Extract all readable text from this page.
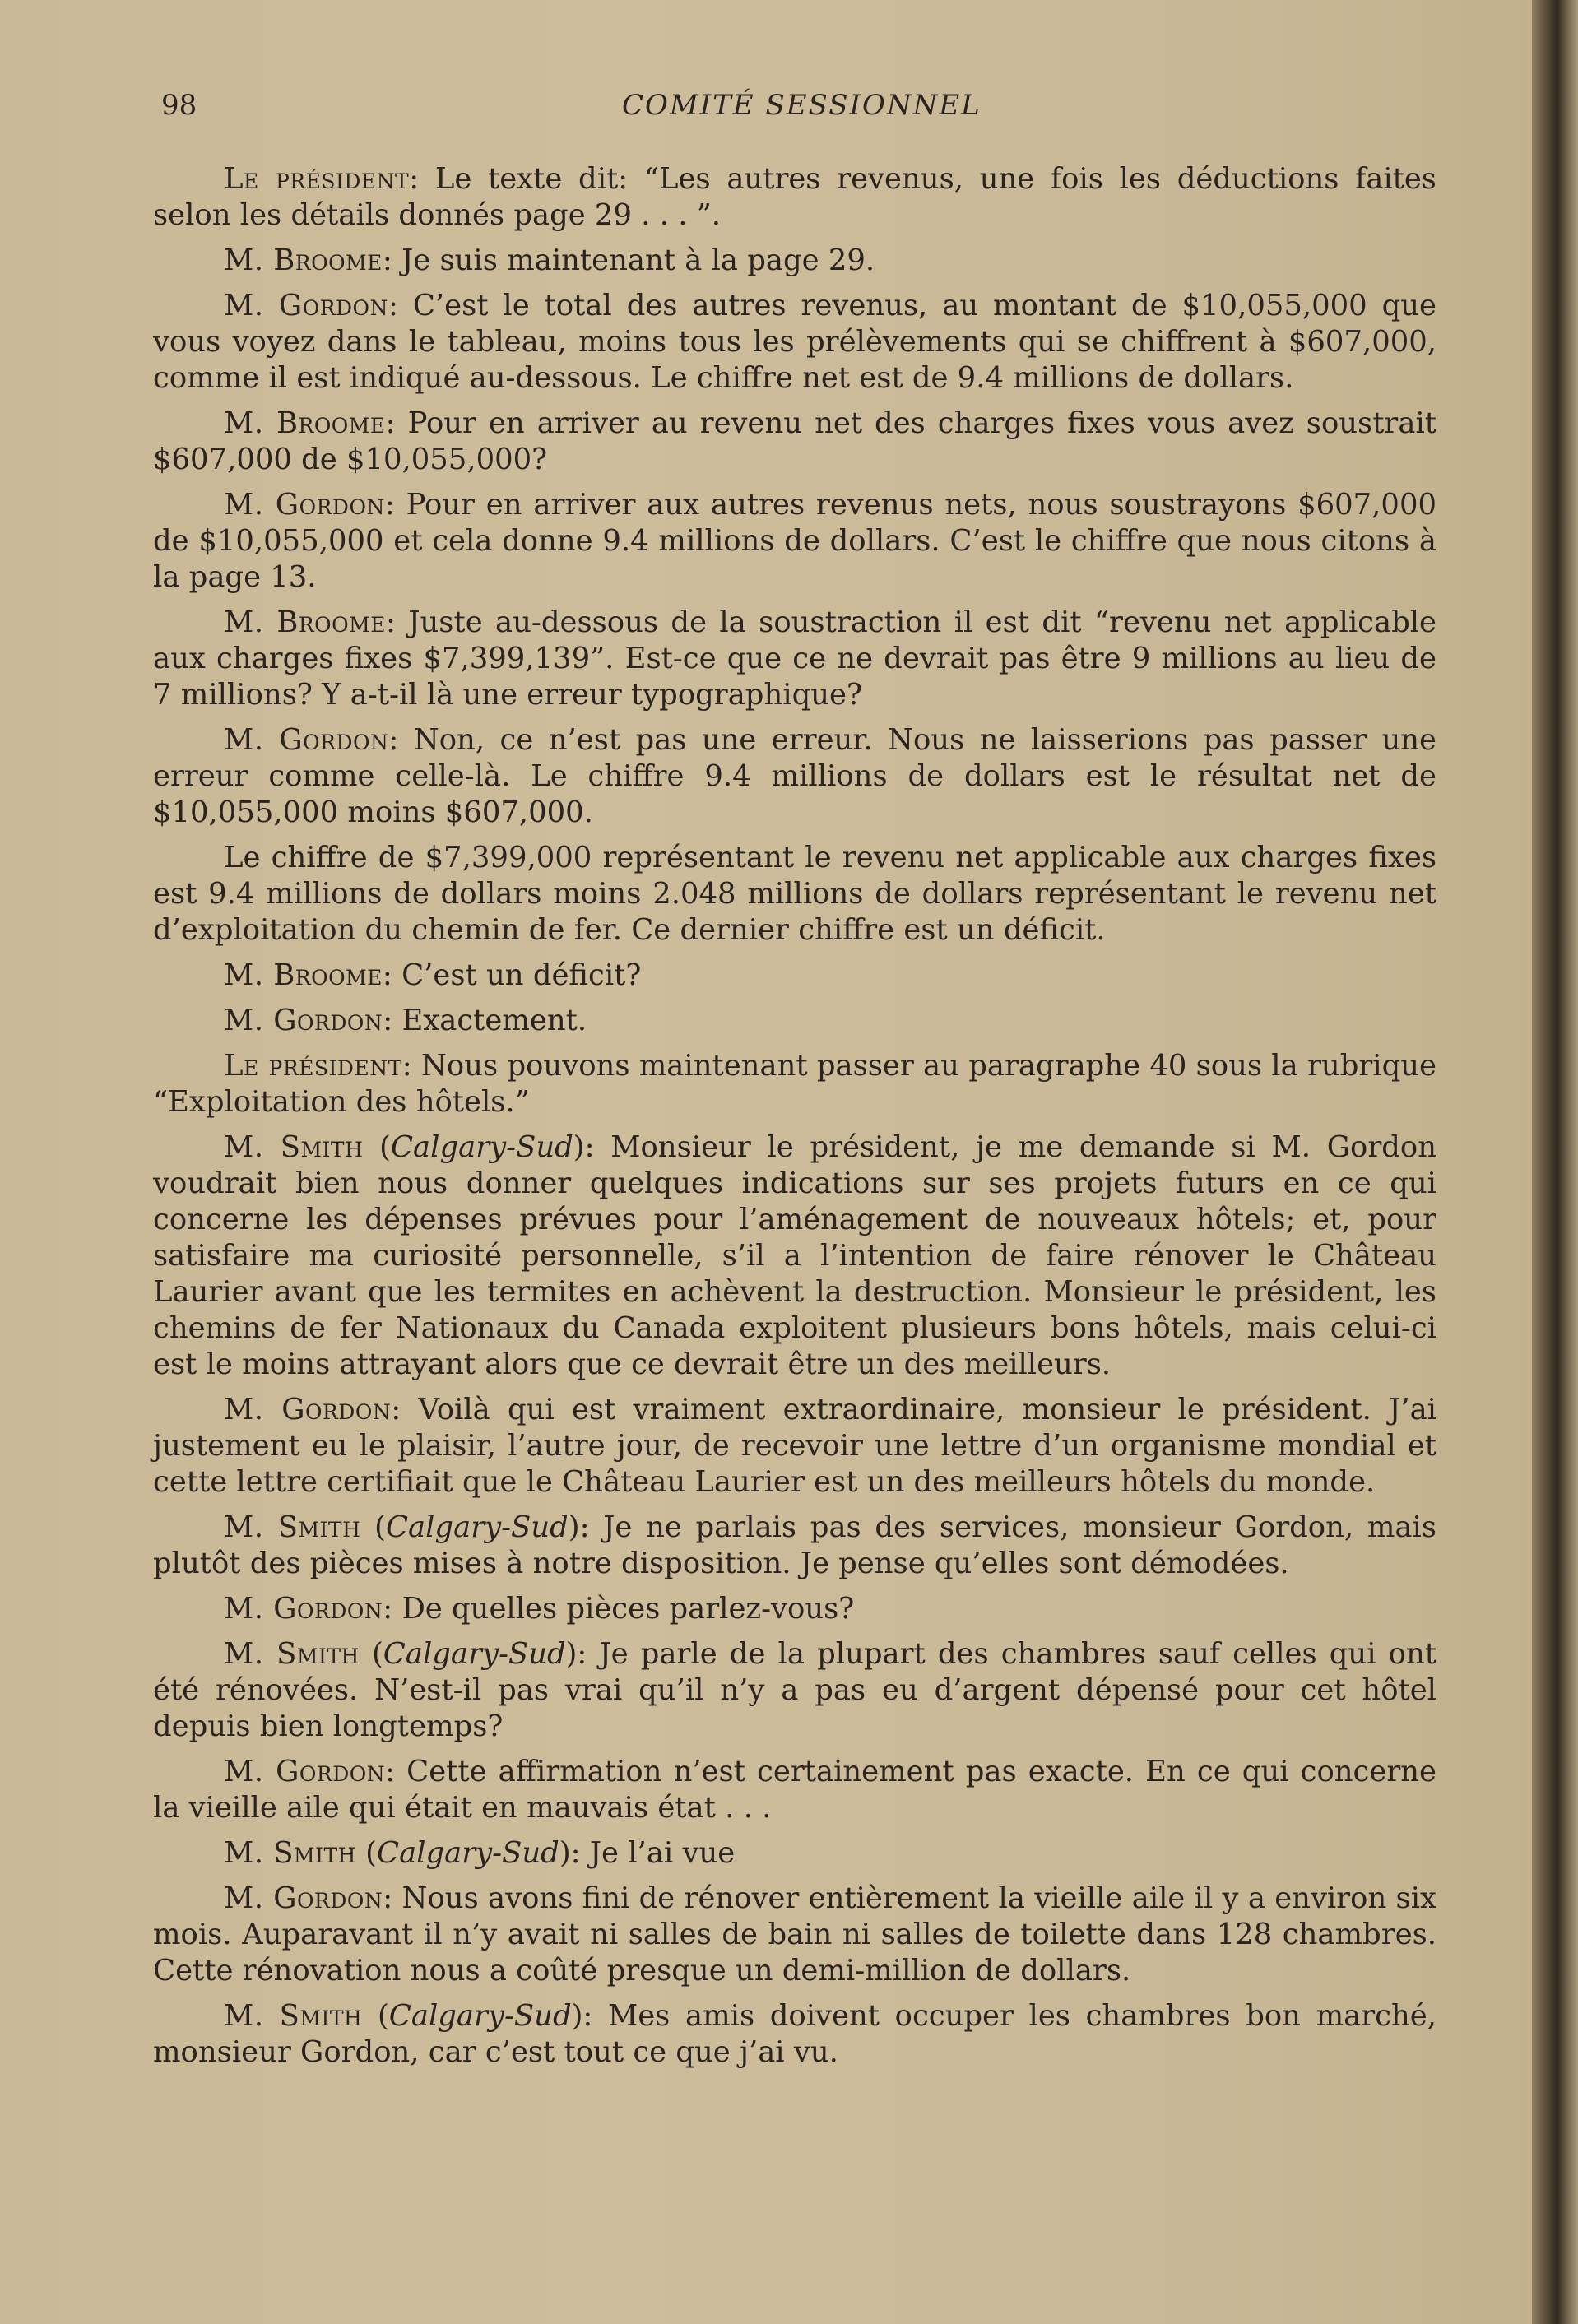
98	COMITÉ SESSIONNEL

Le président: Le texte dit: “Les autres revenus, une fois les déductions faites selon les détails donnés page 29 . . . ”.

M. Broome: Je suis maintenant à la page 29.

M. Gordon: C’est le total des autres revenus, au montant de $10,055,000 que vous voyez dans le tableau, moins tous les prélèvements qui se chiffrent à $607,000, comme il est indiqué au-dessous. Le chiffre net est de 9.4 millions de dollars.

M. Broome: Pour en arriver au revenu net des charges fixes vous avez soustrait $607,000 de $10,055,000?

M. Gordon: Pour en arriver aux autres revenus nets, nous soustrayons $607,000 de $10,055,000 et cela donne 9.4 millions de dollars. C’est le chiffre que nous citons à la page 13.

M. Broome: Juste au-dessous de la soustraction il est dit “revenu net applicable aux charges fixes $7,399,139”. Est-ce que ce ne devrait pas être 9 millions au lieu de 7 millions? Y a-t-il là une erreur typographique?

M. Gordon: Non, ce n’est pas une erreur. Nous ne laisserions pas passer une erreur comme celle-là. Le chiffre 9.4 millions de dollars est le résultat net de $10,055,000 moins $607,000.

Le chiffre de $7,399,000 représentant le revenu net applicable aux charges fixes est 9.4 millions de dollars moins 2.048 millions de dollars représentant le revenu net d’exploitation du chemin de fer. Ce dernier chiffre est un déficit.

M. Broome: C’est un déficit?

M. Gordon: Exactement.

Le président: Nous pouvons maintenant passer au paragraphe 40 sous la rubrique “Exploitation des hôtels.”

M. Smith (Calgary-Sud): Monsieur le président, je me demande si M. Gordon voudrait bien nous donner quelques indications sur ses projets futurs en ce qui concerne les dépenses prévues pour l’aménagement de nouveaux hôtels; et, pour satisfaire ma curiosité personnelle, s’il a l’intention de faire rénover le Château Laurier avant que les termites en achèvent la destruction. Monsieur le président, les chemins de fer Nationaux du Canada exploitent plusieurs bons hôtels, mais celui-ci est le moins attrayant alors que ce devrait être un des meilleurs.

M. Gordon: Voilà qui est vraiment extraordinaire, monsieur le président. J’ai justement eu le plaisir, l’autre jour, de recevoir une lettre d’un organisme mondial et cette lettre certifiait que le Château Laurier est un des meilleurs hôtels du monde.

M. Smith (Calgary-Sud): Je ne parlais pas des services, monsieur Gordon, mais plutôt des pièces mises à notre disposition. Je pense qu’elles sont démodées.

M. Gordon: De quelles pièces parlez-vous?

M. Smith (Calgary-Sud): Je parle de la plupart des chambres sauf celles qui ont été rénovées. N’est-il pas vrai qu’il n’y a pas eu d’argent dépensé pour cet hôtel depuis bien longtemps?

M. Gordon: Cette affirmation n’est certainement pas exacte. En ce qui concerne la vieille aile qui était en mauvais état . . .

M. Smith (Calgary-Sud): Je l’ai vue

M. Gordon: Nous avons fini de rénover entièrement la vieille aile il y a environ six mois. Auparavant il n’y avait ni salles de bain ni salles de toilette dans 128 chambres. Cette rénovation nous a coûté presque un demi-million de dollars.

M. Smith (Calgary-Sud): Mes amis doivent occuper les chambres bon marché, monsieur Gordon, car c’est tout ce que j’ai vu.
